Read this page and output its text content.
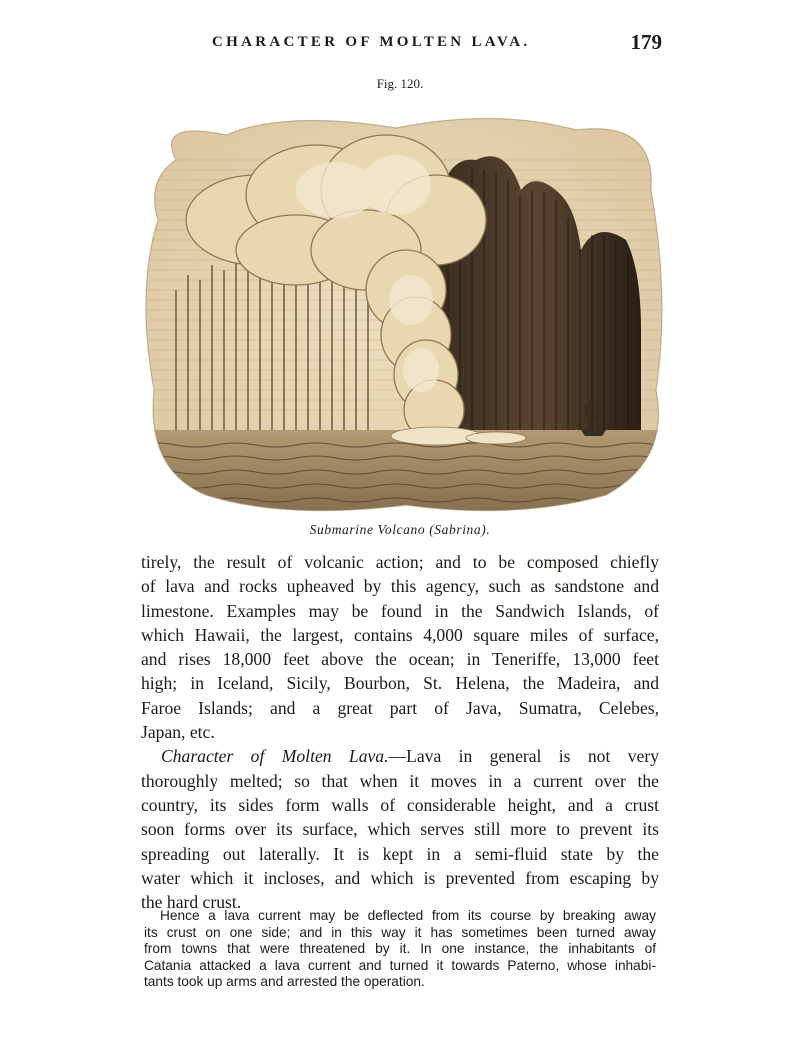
CHARACTER OF MOLTEN LAVA.	179
Fig. 120.
Submarine Volcano (Sabrina).
tirely, the result of volcanic action; and to be composed chiefly
of lava and rocks upheaved by this agency, such as sandstone and
limestone. Examples may be found in the Sandwich Islands, of
which Hawaii, the largest, contains 4,000 square miles of surface,
and rises 18,000 feet above the ocean; in Teneriffe, 13,000 feet
high; in Iceland, Sicily, Bourbon, St. Helena, the Madeira, and
Faroe Islands; and a great part of Java, Sumatra, Celebes,
Japan, etc.
Character of Molten Lava.—Lava in general is not very
thoroughly melted; so that when it moves in a current over the
country, its sides form walls of considerable height, and a crust
soon forms over its surface, which serves still more to prevent its
spreading out laterally. It is kept in a semi-fluid state by the
water which it incloses, and which is prevented from escaping by
the hard crust.
Hence a lava current may be deflected from its course by breaking away
its crust on one side; and in this way it has sometimes been turned away
from towns that were threatened by it. In one instance, the inhabitants of
Catania attacked a lava current and turned it towards Paterno, whose inhabi-
tants took up arms and arrested the operation.
